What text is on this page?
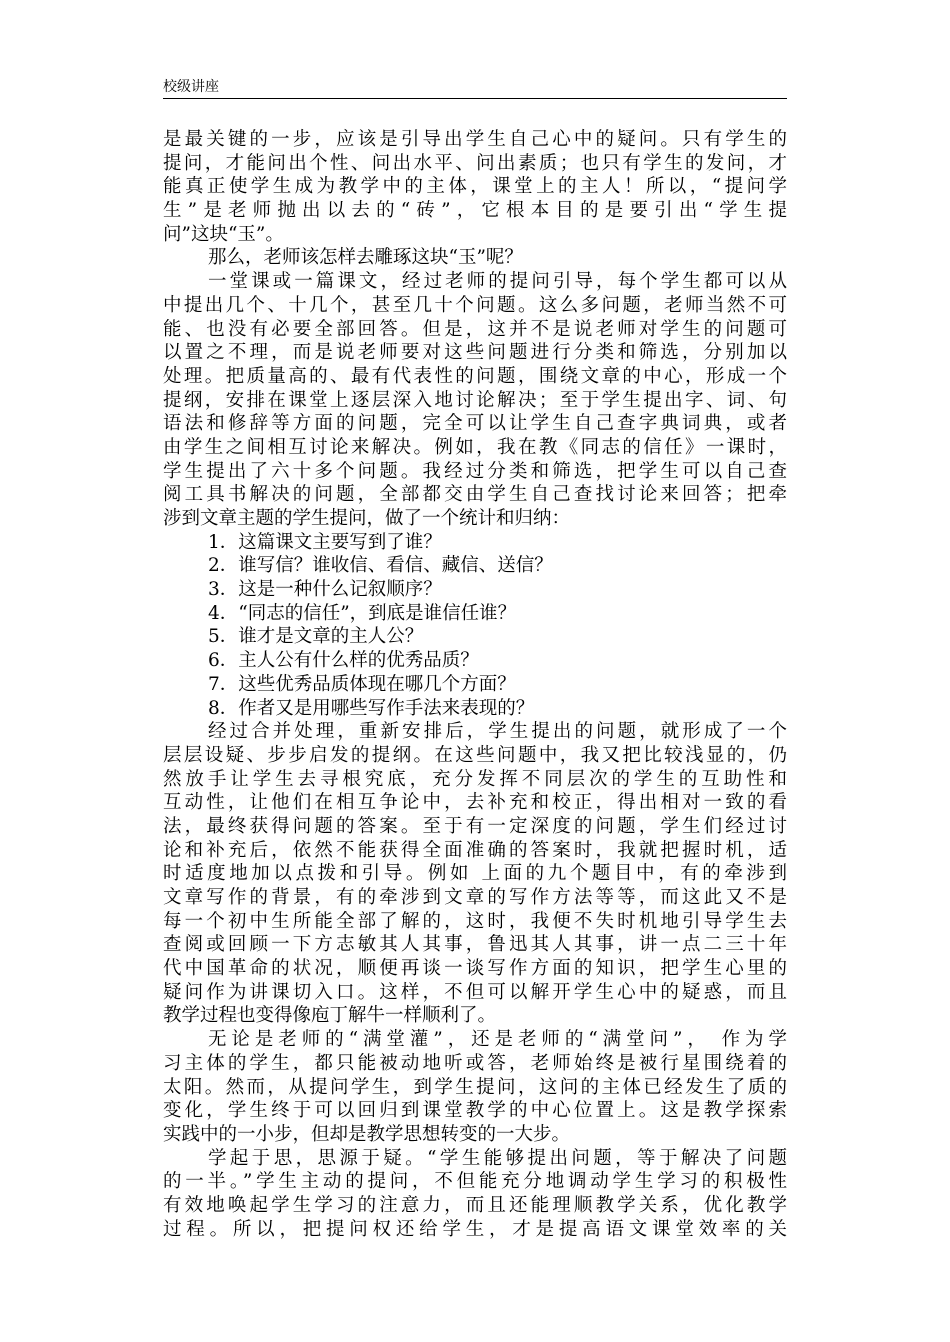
校级讲座
是最关键的一步，应该是引导出学生自己心中的疑问。只有学生的
提问，才能问出个性、问出水平、问出素质；也只有学生的发问，才
能真正使学生成为教学中的主体，课堂上的主人！所以，“提问学
生”是老师抛出以去的“砖”，它根本目的是要引出“学生提
问”这块“玉”。
那么，老师该怎样去雕琢这块“玉”呢？
一堂课或一篇课文，经过老师的提问引导，每个学生都可以从
中提出几个、十几个，甚至几十个问题。这么多问题，老师当然不可
能、也没有必要全部回答。但是，这并不是说老师对学生的问题可
以置之不理，而是说老师要对这些问题进行分类和筛选，分别加以
处理。把质量高的、最有代表性的问题，围绕文章的中心，形成一个
提纲，安排在课堂上逐层深入地讨论解决；至于学生提出字、词、句
语法和修辞等方面的问题，完全可以让学生自己查字典词典，或者
由学生之间相互讨论来解决。例如，我在教《同志的信任》一课时，
学生提出了六十多个问题。我经过分类和筛选，把学生可以自己查
阅工具书解决的问题，全部都交由学生自己查找讨论来回答；把牵
涉到文章主题的学生提问，做了一个统计和归纳：
1．这篇课文主要写到了谁？
2．谁写信？谁收信、看信、藏信、送信？
3．这是一种什么记叙顺序？
4．“同志的信任”，到底是谁信任谁？
5．谁才是文章的主人公？
6．主人公有什么样的优秀品质？
7．这些优秀品质体现在哪几个方面？
8．作者又是用哪些写作手法来表现的？
经过合并处理，重新安排后，学生提出的问题，就形成了一个
层层设疑、步步启发的提纲。在这些问题中，我又把比较浅显的，仍
然放手让学生去寻根究底，充分发挥不同层次的学生的互助性和
互动性，让他们在相互争论中，去补充和校正，得出相对一致的看
法，最终获得问题的答案。至于有一定深度的问题，学生们经过讨
论和补充后，依然不能获得全面准确的答案时，我就把握时机，适
时适度地加以点拨和引导。例如 上面的九个题目中，有的牵涉到
文章写作的背景，有的牵涉到文章的写作方法等等，而这此又不是
每一个初中生所能全部了解的，这时，我便不失时机地引导学生去
查阅或回顾一下方志敏其人其事，鲁迅其人其事，讲一点二三十年
代中国革命的状况，顺便再谈一谈写作方面的知识，把学生心里的
疑问作为讲课切入口。这样，不但可以解开学生心中的疑惑，而且
教学过程也变得像庖丁解牛一样顺利了。
无论是老师的“满堂灌”，还是老师的“满堂问”， 作为学
习主体的学生，都只能被动地听或答，老师始终是被行星围绕着的
太阳。然而，从提问学生，到学生提问，这问的主体已经发生了质的
变化，学生终于可以回归到课堂教学的中心位置上。这是教学探索
实践中的一小步，但却是教学思想转变的一大步。
学起于思，思源于疑。“学生能够提出问题，等于解决了问题
的一半。”学生主动的提问，不但能充分地调动学生学习的积极性
有效地唤起学生学习的注意力，而且还能理顺教学关系，优化教学
过程。所以，把提问权还给学生，才是提高语文课堂效率的关
